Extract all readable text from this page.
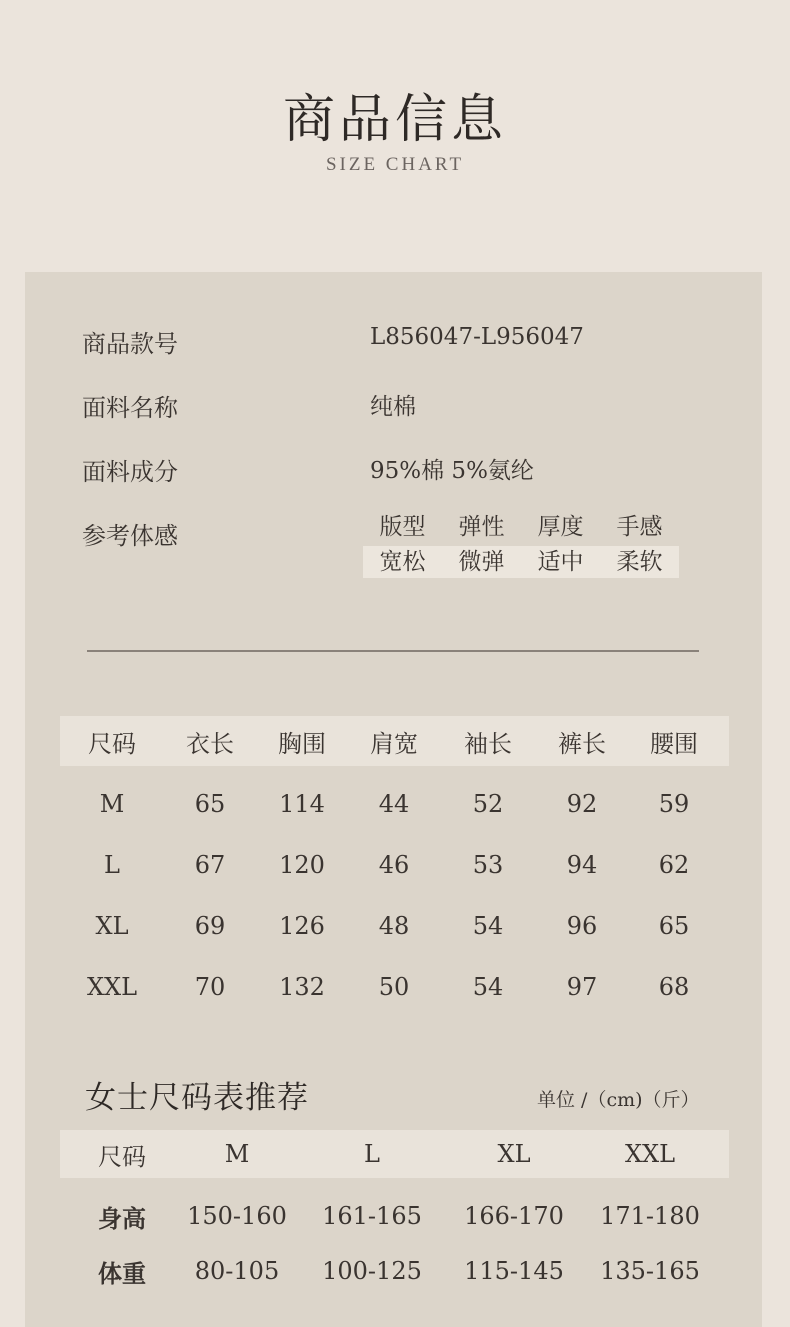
商品信息
SIZE CHART
商品款号	L856047-L956047
面料名称	纯棉
面料成分	95%棉 5%氨纶
参考体感	版型	弹性	厚度	手感
宽松	微弹	适中	柔软
尺码	衣长	胸围	肩宽	袖长	裤长	腰围
M	65	114	44	52	92	59
L	67	120	46	53	94	62
XL	69	126	48	54	96	65
XXL	70	132	50	54	97	68
女士尺码表推荐	单位 /（cm)（斤）
尺码	M	L	XL	XXL
身高	150-160	161-165	166-170	171-180
体重	80-105	100-125	115-145	135-165
